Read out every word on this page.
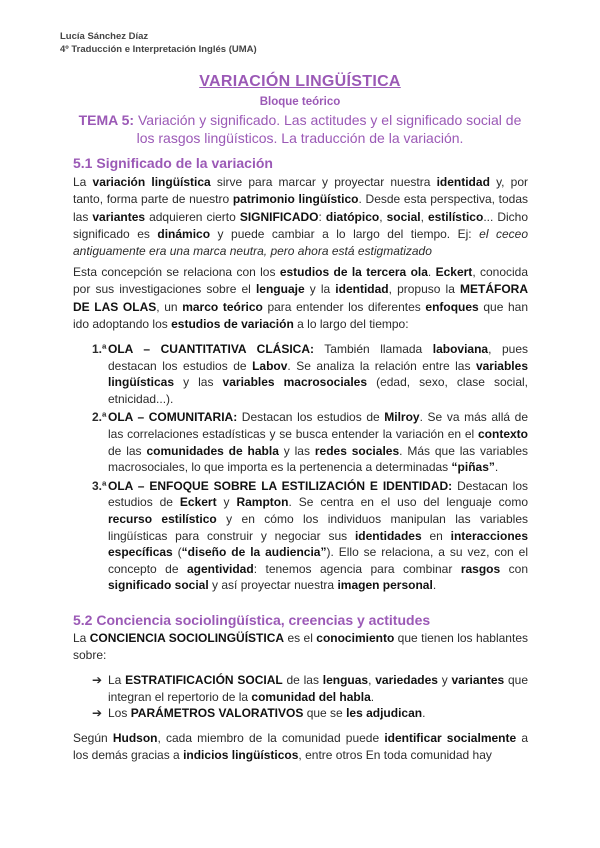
Lucía Sánchez Díaz
4º Traducción e Interpretación Inglés (UMA)
VARIACIÓN LINGÜÍSTICA
Bloque teórico
TEMA 5: Variación y significado. Las actitudes y el significado social de los rasgos lingüísticos. La traducción de la variación.
5.1 Significado de la variación
La variación lingüística sirve para marcar y proyectar nuestra identidad y, por tanto, forma parte de nuestro patrimonio lingüístico. Desde esta perspectiva, todas las variantes adquieren cierto SIGNIFICADO: diatópico, social, estilístico... Dicho significado es dinámico y puede cambiar a lo largo del tiempo. Ej: el ceceo antiguamente era una marca neutra, pero ahora está estigmatizado
Esta concepción se relaciona con los estudios de la tercera ola. Eckert, conocida por sus investigaciones sobre el lenguaje y la identidad, propuso la METÁFORA DE LAS OLAS, un marco teórico para entender los diferentes enfoques que han ido adoptando los estudios de variación a lo largo del tiempo:
1.ª OLA – CUANTITATIVA CLÁSICA: También llamada laboviana, pues destacan los estudios de Labov. Se analiza la relación entre las variables lingüísticas y las variables macrosociales (edad, sexo, clase social, etnicidad...).
2.ª OLA – COMUNITARIA: Destacan los estudios de Milroy. Se va más allá de las correlaciones estadísticas y se busca entender la variación en el contexto de las comunidades de habla y las redes sociales. Más que las variables macrosociales, lo que importa es la pertenencia a determinadas “piñas”.
3.ª OLA – ENFOQUE SOBRE LA ESTILIZACIÓN E IDENTIDAD: Destacan los estudios de Eckert y Rampton. Se centra en el uso del lenguaje como recurso estilístico y en cómo los individuos manipulan las variables lingüísticas para construir y negociar sus identidades en interacciones específicas (“diseño de la audiencia”). Ello se relaciona, a su vez, con el concepto de agentividad: tenemos agencia para combinar rasgos con significado social y así proyectar nuestra imagen personal.
5.2 Conciencia sociolingüística, creencias y actitudes
La CONCIENCIA SOCIOLINGÜÍSTICA es el conocimiento que tienen los hablantes sobre:
➔ La ESTRATIFICACIÓN SOCIAL de las lenguas, variedades y variantes que integran el repertorio de la comunidad del habla.
➔ Los PARÁMETROS VALORATIVOS que se les adjudican.
Según Hudson, cada miembro de la comunidad puede identificar socialmente a los demás gracias a indicios lingüísticos, entre otros En toda comunidad hay
